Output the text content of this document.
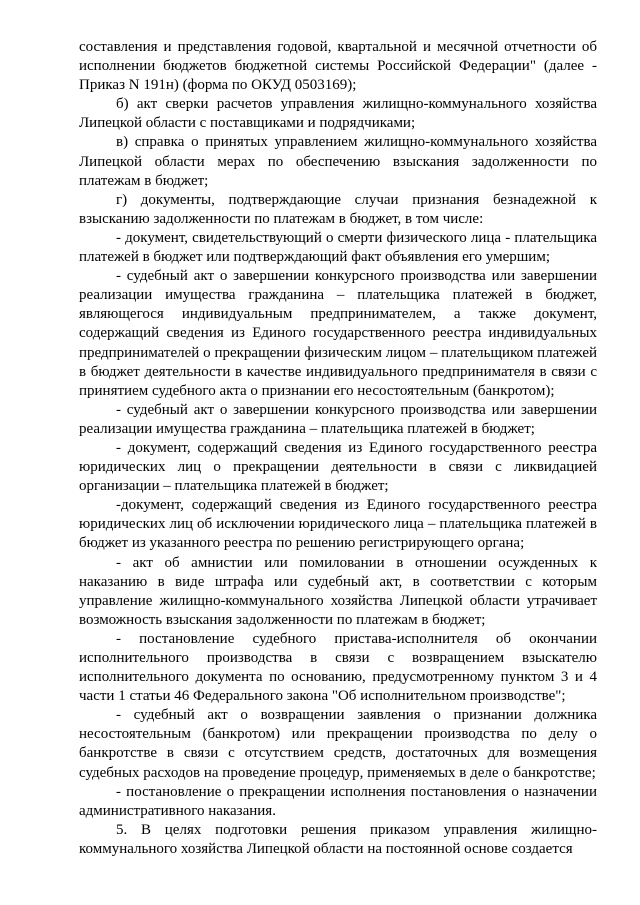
составления и представления годовой, квартальной и месячной отчетности об исполнении бюджетов бюджетной системы Российской Федерации" (далее - Приказ N 191н) (форма по ОКУД 0503169);

б) акт сверки расчетов управления жилищно-коммунального хозяйства Липецкой области с поставщиками и подрядчиками;

в) справка о принятых управлением жилищно-коммунального хозяйства Липецкой области мерах по обеспечению взыскания задолженности по платежам в бюджет;

г) документы, подтверждающие случаи признания безнадежной к взысканию задолженности по платежам в бюджет, в том числе:

- документ, свидетельствующий о смерти физического лица - плательщика платежей в бюджет или подтверждающий факт объявления его умершим;

- судебный акт о завершении конкурсного производства или завершении реализации имущества гражданина – плательщика платежей в бюджет, являющегося индивидуальным предпринимателем, а также документ, содержащий сведения из Единого государственного реестра индивидуальных предпринимателей о прекращении физическим лицом – плательщиком платежей в бюджет деятельности в качестве индивидуального предпринимателя в связи с принятием судебного акта о признании его несостоятельным (банкротом);

- судебный акт о завершении конкурсного производства или завершении реализации имущества гражданина – плательщика платежей в бюджет;

- документ, содержащий сведения из Единого государственного реестра юридических лиц о прекращении деятельности в связи с ликвидацией организации – плательщика платежей в бюджет;

-документ, содержащий сведения из Единого государственного реестра юридических лиц об исключении юридического лица – плательщика платежей в бюджет из указанного реестра по решению регистрирующего органа;

- акт об амнистии или помиловании в отношении осужденных к наказанию в виде штрафа или судебный акт, в соответствии с которым управление жилищно-коммунального хозяйства Липецкой области утрачивает возможность взыскания задолженности по платежам в бюджет;

- постановление судебного пристава-исполнителя об окончании исполнительного производства в связи с возвращением взыскателю исполнительного документа по основанию, предусмотренному пунктом 3 и 4 части 1 статьи 46 Федерального закона "Об исполнительном производстве";

- судебный акт о возвращении заявления о признании должника несостоятельным (банкротом) или прекращении производства по делу о банкротстве в связи с отсутствием средств, достаточных для возмещения судебных расходов на проведение процедур, применяемых в деле о банкротстве;

- постановление о прекращении исполнения постановления о назначении административного наказания.

5. В целях подготовки решения приказом управления жилищно-коммунального хозяйства Липецкой области на постоянной основе создается
